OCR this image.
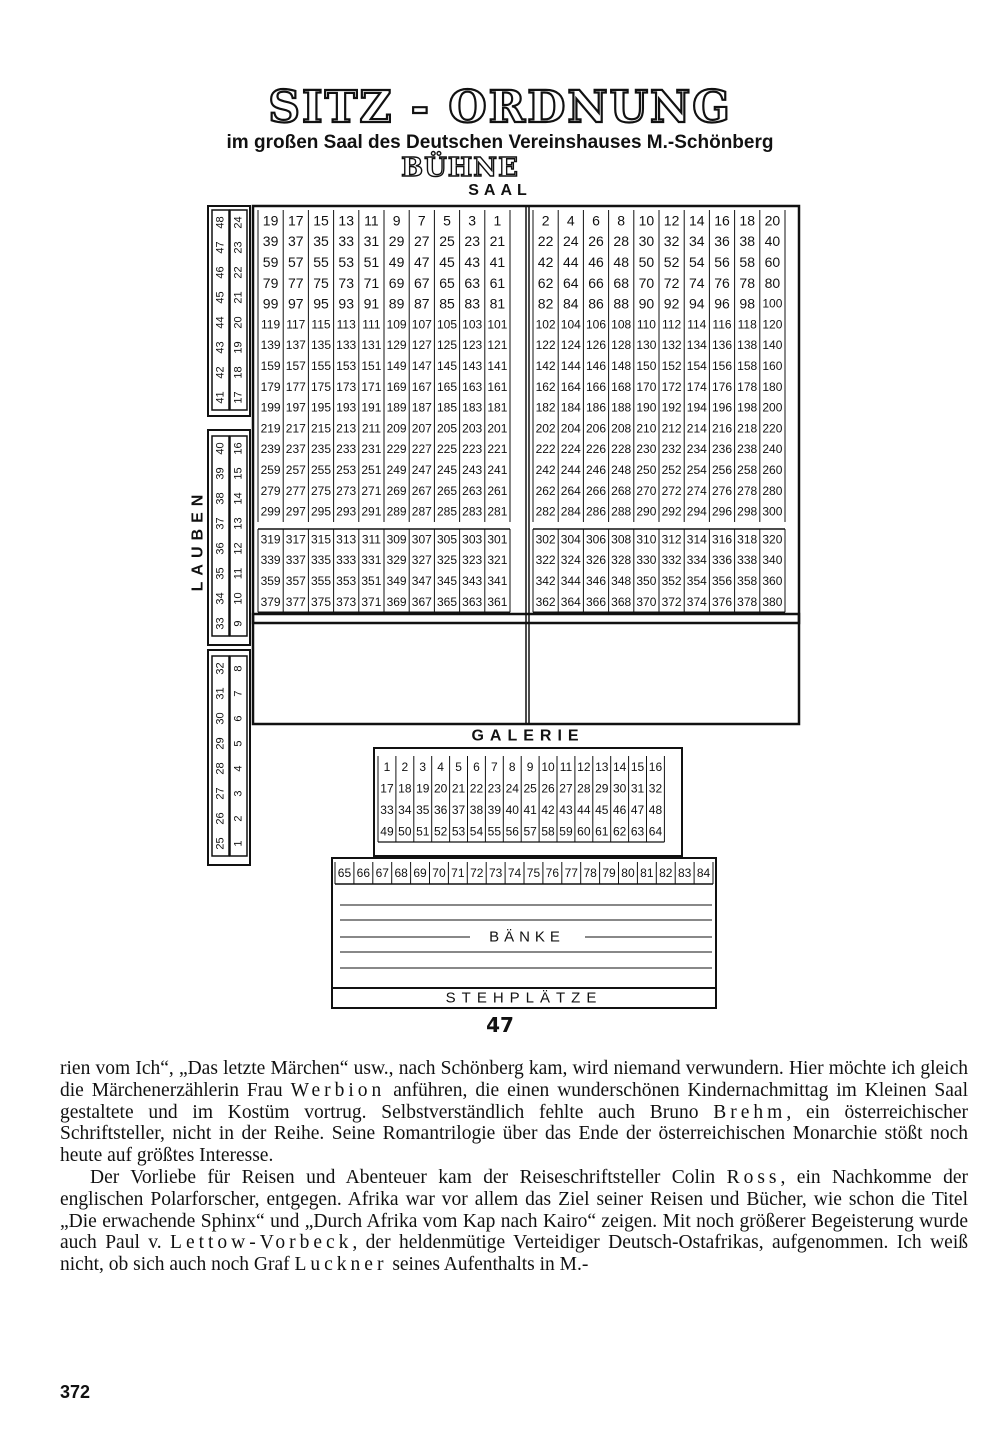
SITZ - ORDNUNG
im großen Saal des Deutschen Vereinshauses M.-Schönberg
BÜHNE
SAAL
19 17 15 13 11 9 7 5 3 1
39 37 35 33 31 29 27 25 23 21
59 57 55 53 51 49 47 45 43 41
79 77 75 73 71 69 67 65 63 61
99 97 95 93 91 89 87 85 83 81
119 117 115 113 111 109 107 105 103 101
139 137 135 133 131 129 127 125 123 121
159 157 155 153 151 149 147 145 143 141
179 177 175 173 171 169 167 165 163 161
199 197 195 193 191 189 187 185 183 181
219 217 215 213 211 209 207 205 203 201
239 237 235 233 231 229 227 225 223 221
259 257 255 253 251 249 247 245 243 241
279 277 275 273 271 269 267 265 263 261
299 297 295 293 291 289 287 285 283 281
319 317 315 313 311 309 307 305 303 301
339 337 335 333 331 329 327 325 323 321
359 357 355 353 351 349 347 345 343 341
379 377 375 373 371 369 367 365 363 361
2 4 6 8 10 12 14 16 18 20
22 24 26 28 30 32 34 36 38 40
42 44 46 48 50 52 54 56 58 60
62 64 66 68 70 72 74 76 78 80
82 84 86 88 90 92 94 96 98 100
102 104 106 108 110 112 114 116 118 120
122 124 126 128 130 132 134 136 138 140
142 144 146 148 150 152 154 156 158 160
162 164 166 168 170 172 174 176 178 180
182 184 186 188 190 192 194 196 198 200
202 204 206 208 210 212 214 216 218 220
222 224 226 228 230 232 234 236 238 240
242 244 246 248 250 252 254 256 258 260
262 264 266 268 270 272 274 276 278 280
282 284 286 288 290 292 294 296 298 300
302 304 306 308 310 312 314 316 318 320
322 324 326 328 330 332 334 336 338 340
342 344 346 348 350 352 354 356 358 360
362 364 366 368 370 372 374 376 378 380
48
47
46
45
44
43
42
41
24
23
22
21
20
19
18
17
40
39
38
37
36
35
34
33
16
15
14
13
12
11
10
9
32
31
30
29
28
27
26
25
8
7
6
5
4
3
2
1
LAUBEN
GALERIE
1 2 3 4 5 6 7 8 9 10 11 12 13 14 15 16
17 18 19 20 21 22 23 24 25 26 27 28 29 30 31 32
33 34 35 36 37 38 39 40 41 42 43 44 45 46 47 48
49 50 51 52 53 54 55 56 57 58 59 60 61 62 63 64
65 66 67 68 69 70 71 72 73 74 75 76 77 78 79 80 81 82 83 84
BÄNKE
STEHPLÄTZE
47

rien vom Ich“, „Das letzte Märchen“ usw., nach Schönberg kam, wird niemand verwundern. Hier möchte ich gleich die Märchenerzählerin Frau Werbion anführen, die einen wunderschönen Kindernachmittag im Kleinen Saal gestaltete und im Kostüm vortrug. Selbstverständlich fehlte auch Bruno Brehm, ein österreichischer Schriftsteller, nicht in der Reihe. Seine Romantrilogie über das Ende der österreichischen Monarchie stößt noch heute auf größtes Interesse.

Der Vorliebe für Reisen und Abenteuer kam der Reiseschriftsteller Colin Ross, ein Nachkomme der englischen Polarforscher, entgegen. Afrika war vor allem das Ziel seiner Reisen und Bücher, wie schon die Titel „Die erwachende Sphinx“ und „Durch Afrika vom Kap nach Kairo“ zeigen. Mit noch größerer Begeisterung wurde auch Paul v. Lettow-Vorbeck, der heldenmütige Verteidiger Deutsch-Ostafrikas, aufgenommen. Ich weiß nicht, ob sich auch noch Graf Luckner seines Aufenthalts in M.-

372
